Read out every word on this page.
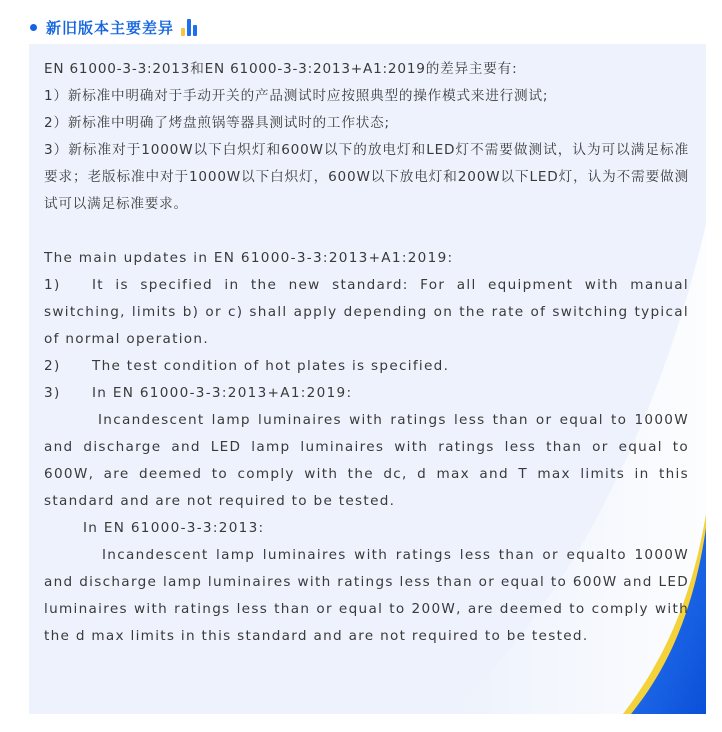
新旧版本主要差异

EN 61000-3-3:2013和EN 61000-3-3:2013+A1:2019的差异主要有:

1）新标准中明确对于手动开关的产品测试时应按照典型的操作模式来进行测试;

2）新标准中明确了烤盘煎锅等器具测试时的工作状态;

3）新标准对于1000W以下白炽灯和600W以下的放电灯和LED灯不需要做测试，认为可以满足标准要求；老版标准中对于1000W以下白炽灯，600W以下放电灯和200W以下LED灯，认为不需要做测试可以满足标准要求。

The main updates in EN 61000-3-3:2013+A1:2019:

1) It is specified in the new standard: For all equipment with manual switching, limits b) or c) shall apply depending on the rate of switching typical of normal operation.

2) The test condition of hot plates is specified.

3) In EN 61000-3-3:2013+A1:2019:

Incandescent lamp luminaires with ratings less than or equal to 1000W and discharge and LED lamp luminaires with ratings less than or equal to 600W, are deemed to comply with the dc, d max and T max limits in this standard and are not required to be tested.

In EN 61000-3-3:2013:

Incandescent lamp luminaires with ratings less than or equalto 1000W and discharge lamp luminaires with ratings less than or equal to 600W and LED luminaires with ratings less than or equal to 200W, are deemed to comply with the d max limits in this standard and are not required to be tested.
